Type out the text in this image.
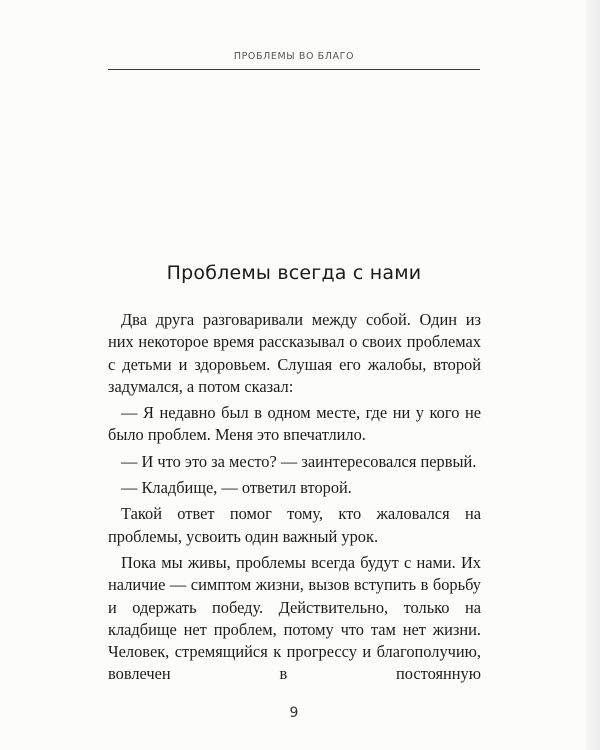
ПРОБЛЕМЫ ВО БЛАГО
Проблемы всегда с нами

Два друга разговаривали между собой. Один из них некоторое время рассказывал о своих проблемах с детьми и здоровьем. Слушая его жалобы, второй задумался, а потом сказал:

— Я недавно был в одном месте, где ни у кого не было проблем. Меня это впечатлило.

— И что это за место? — заинтересовался первый.

— Кладбище, — ответил второй.

Такой ответ помог тому, кто жаловался на проблемы, усвоить один важный урок.

Пока мы живы, проблемы всегда будут с нами. Их наличие — симптом жизни, вызов вступить в борьбу и одержать победу. Действительно, только на кладбище нет проблем, потому что там нет жизни. Человек, стремящийся к прогрессу и благополучию, вовлечен в постоянную

9
